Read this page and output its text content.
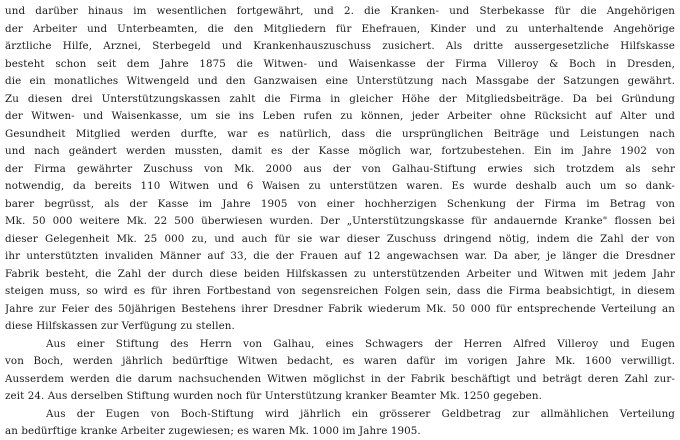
und darüber hinaus im wesentlichen fortgewährt, und 2. die Kranken- und Sterbekasse für die Angehörigen
der Arbeiter und Unterbeamten, die den Mitgliedern für Ehefrauen, Kinder und zu unterhaltende Angehörige
ärztliche Hilfe, Arznei, Sterbegeld und Krankenhauszuschuss zusichert. Als dritte aussergesetzliche Hilfskasse
besteht schon seit dem Jahre 1875 die Witwen- und Waisenkasse der Firma Villeroy & Boch in Dresden,
die ein monatliches Witwengeld und den Ganzwaisen eine Unterstützung nach Massgabe der Satzungen gewährt.
Zu diesen drei Unterstützungskassen zahlt die Firma in gleicher Höhe der Mitgliedsbeiträge. Da bei Gründung
der Witwen- und Waisenkasse, um sie ins Leben rufen zu können, jeder Arbeiter ohne Rücksicht auf Alter und
Gesundheit Mitglied werden durfte, war es natürlich, dass die ursprünglichen Beiträge und Leistungen nach
und nach geändert werden mussten, damit es der Kasse möglich war, fortzubestehen. Ein im Jahre 1902 von
der Firma gewährter Zuschuss von Mk. 2000 aus der von Galhau-Stiftung erwies sich trotzdem als sehr
notwendig, da bereits 110 Witwen und 6 Waisen zu unterstützen waren. Es wurde deshalb auch um so dank-
barer begrüsst, als der Kasse im Jahre 1905 von einer hochherzigen Schenkung der Firma im Betrag von
Mk. 50 000 weitere Mk. 22 500 überwiesen wurden. Der „Unterstützungskasse für andauernde Kranke" flossen bei
dieser Gelegenheit Mk. 25 000 zu, und auch für sie war dieser Zuschuss dringend nötig, indem die Zahl der von
ihr unterstützten invaliden Männer auf 33, die der Frauen auf 12 angewachsen war. Da aber, je länger die Dresdner
Fabrik besteht, die Zahl der durch diese beiden Hilfskassen zu unterstützenden Arbeiter und Witwen mit jedem Jahr
steigen muss, so wird es für ihren Fortbestand von segensreichen Folgen sein, dass die Firma beabsichtigt, in diesem
Jahre zur Feier des 50jährigen Bestehens ihrer Dresdner Fabrik wiederum Mk. 50 000 für entsprechende Verteilung an
diese Hilfskassen zur Verfügung zu stellen.
Aus einer Stiftung des Herrn von Galhau, eines Schwagers der Herren Alfred Villeroy und Eugen
von Boch, werden jährlich bedürftige Witwen bedacht, es waren dafür im vorigen Jahre Mk. 1600 verwilligt.
Ausserdem werden die darum nachsuchenden Witwen möglichst in der Fabrik beschäftigt und beträgt deren Zahl zur-
zeit 24. Aus derselben Stiftung wurden noch für Unterstützung kranker Beamter Mk. 1250 gegeben.
Aus der Eugen von Boch-Stiftung wird jährlich ein grösserer Geldbetrag zur allmählichen Verteilung
an bedürftige kranke Arbeiter zugewiesen; es waren Mk. 1000 im Jahre 1905.
